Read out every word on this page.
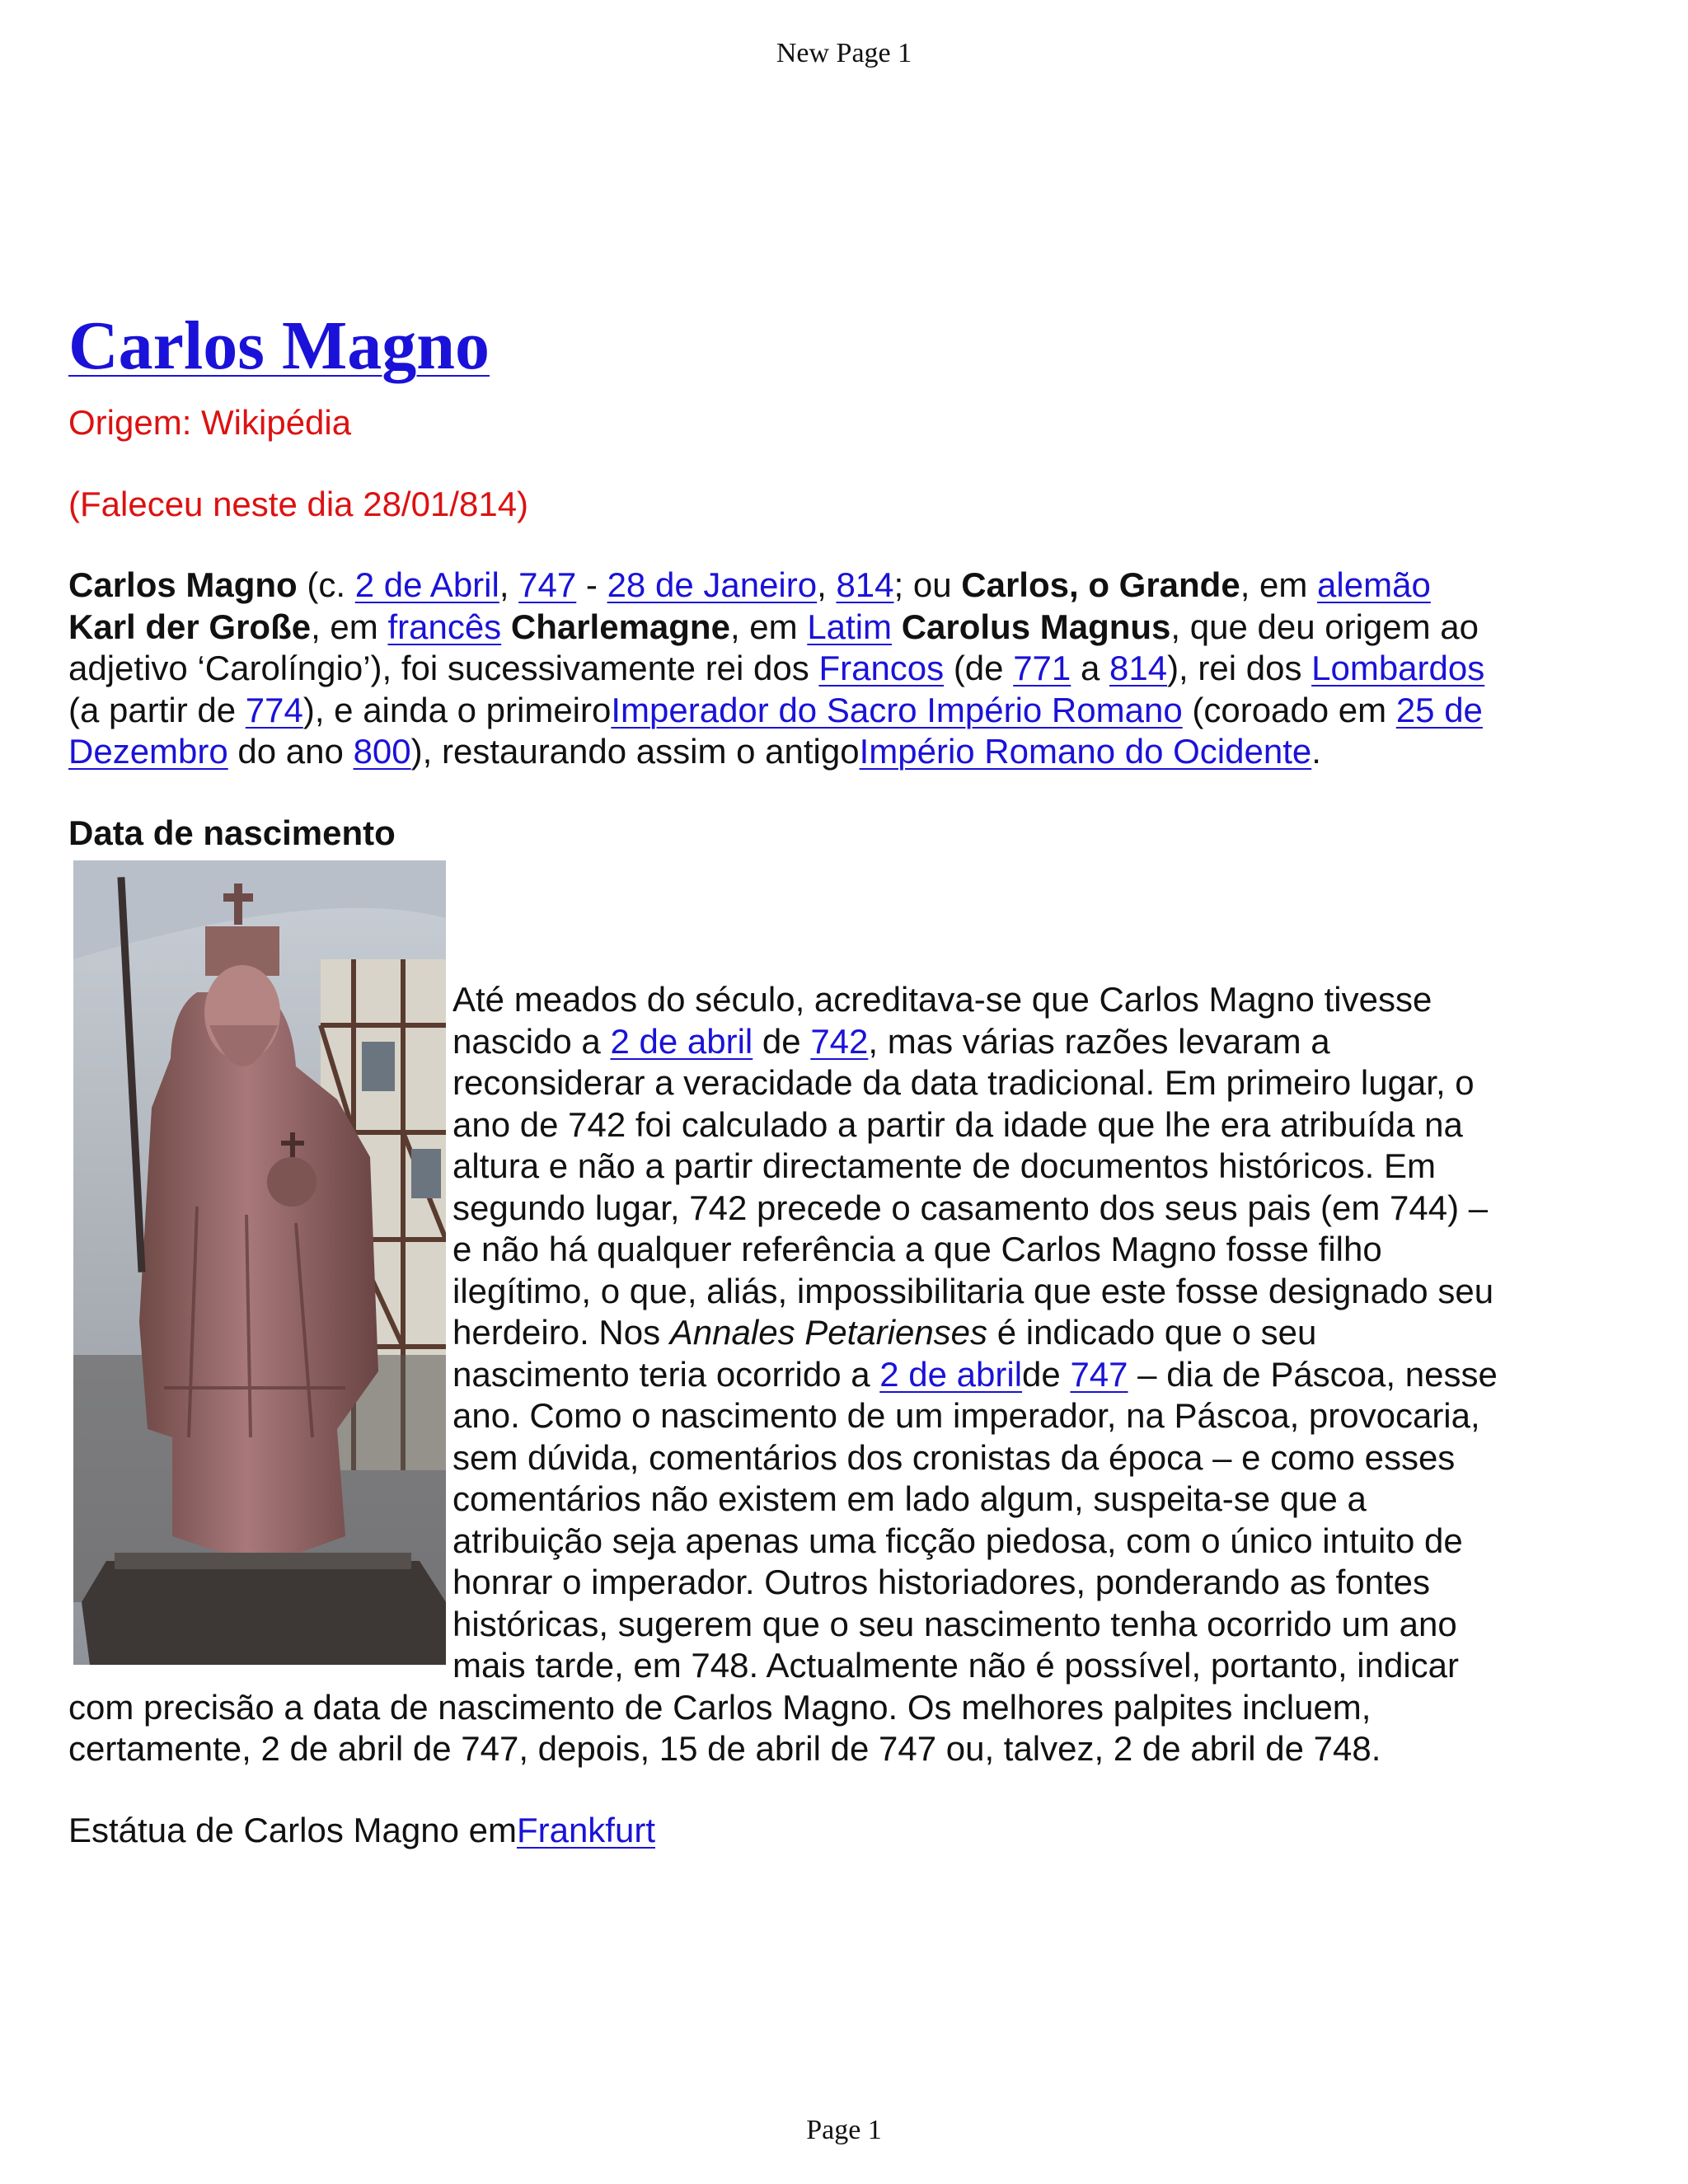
New Page 1
Carlos Magno

Origem: Wikipédia

(Faleceu neste dia 28/01/814)

Carlos Magno (c. 2 de Abril, 747 - 28 de Janeiro, 814; ou Carlos, o Grande, em alemão Karl der Große, em francês Charlemagne, em Latim Carolus Magnus, que deu origem ao adjetivo ‘Carolíngio’), foi sucessivamente rei dos Francos (de 771 a 814), rei dos Lombardos (a partir de 774), e ainda o primeiroImperador do Sacro Império Romano (coroado em 25 de Dezembro do ano 800), restaurando assim o antigoImpério Romano do Ocidente.

Data de nascimento

Até meados do século, acreditava-se que Carlos Magno tivesse nascido a 2 de abril de 742, mas várias razões levaram a reconsiderar a veracidade da data tradicional. Em primeiro lugar, o ano de 742 foi calculado a partir da idade que lhe era atribuída na altura e não a partir directamente de documentos históricos. Em segundo lugar, 742 precede o casamento dos seus pais (em 744) – e não há qualquer referência a que Carlos Magno fosse filho ilegítimo, o que, aliás, impossibilitaria que este fosse designado seu herdeiro. Nos Annales Petarienses é indicado que o seu nascimento teria ocorrido a 2 de abrilde 747 – dia de Páscoa, nesse ano. Como o nascimento de um imperador, na Páscoa, provocaria, sem dúvida, comentários dos cronistas da época – e como esses comentários não existem em lado algum, suspeita-se que a atribuição seja apenas uma ficção piedosa, com o único intuito de honrar o imperador. Outros historiadores, ponderando as fontes históricas, sugerem que o seu nascimento tenha ocorrido um ano mais tarde, em 748. Actualmente não é possível, portanto, indicar com precisão a data de nascimento de Carlos Magno. Os melhores palpites incluem, certamente, 2 de abril de 747, depois, 15 de abril de 747 ou, talvez, 2 de abril de 748.

Estátua de Carlos Magno emFrankfurt

Page 1
